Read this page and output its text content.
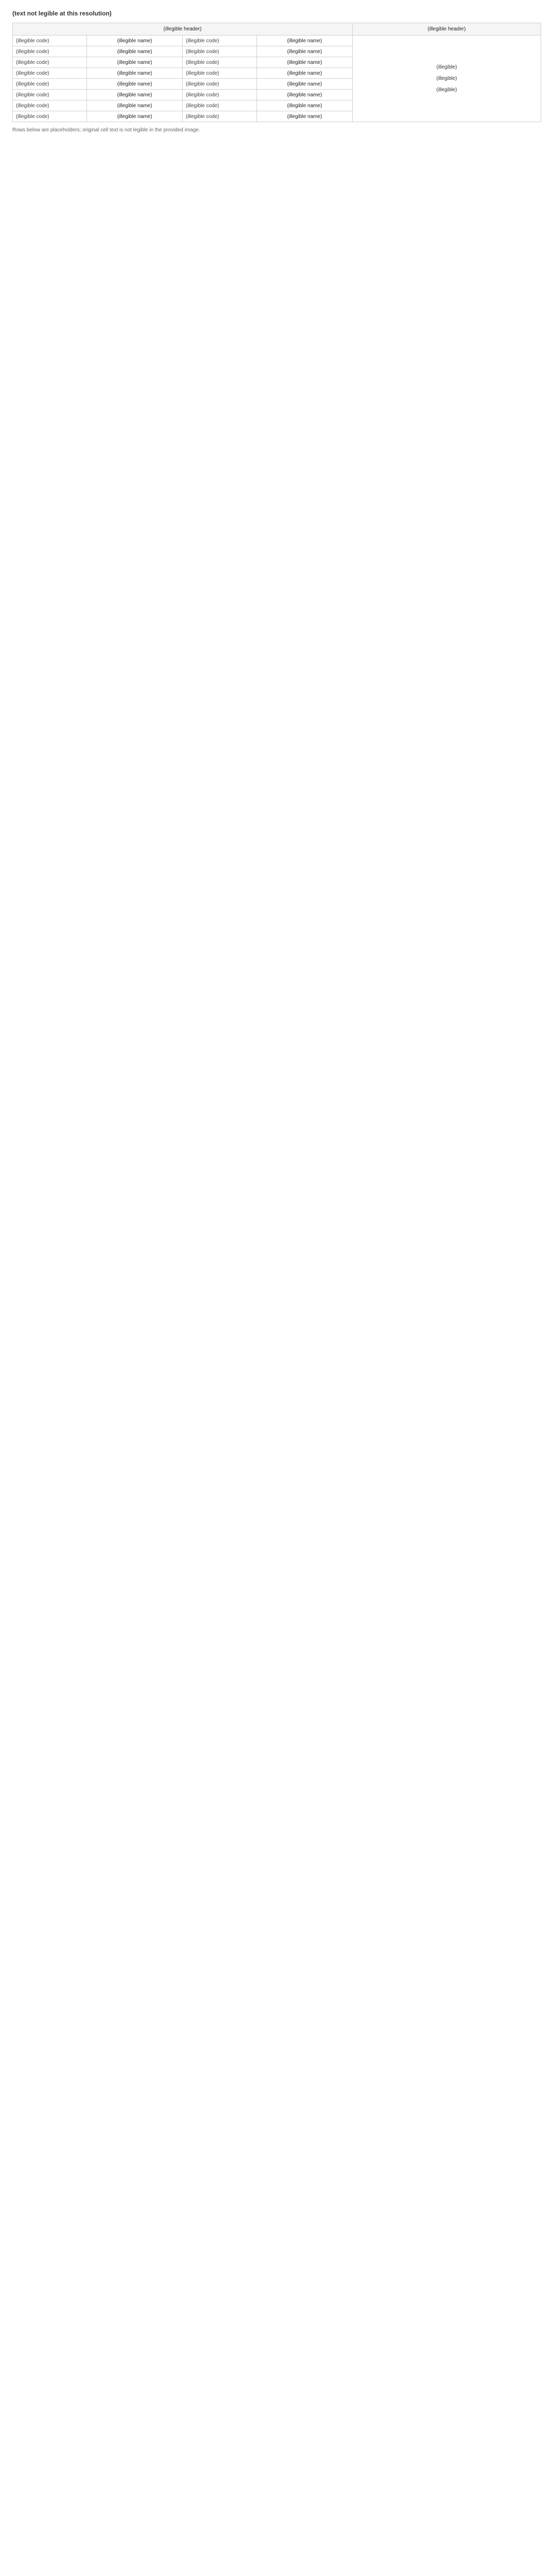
(text not legible at this resolution)
(illegible header)				(illegible header)
(illegible code)	(illegible name)	(illegible code)	(illegible name)	(illegible)
(illegible)
(illegible)

(illegible code)	(illegible name)	(illegible code)	(illegible name)	
(illegible code)	(illegible name)	(illegible code)	(illegible name)	
(illegible code)	(illegible name)	(illegible code)	(illegible name)	
(illegible code)	(illegible name)	(illegible code)	(illegible name)	
(illegible code)	(illegible name)	(illegible code)	(illegible name)	
(illegible code)	(illegible name)	(illegible code)	(illegible name)	
(illegible code)	(illegible name)	(illegible code)	(illegible name)	
Rows below are placeholders; original cell text is not legible in the provided image.
